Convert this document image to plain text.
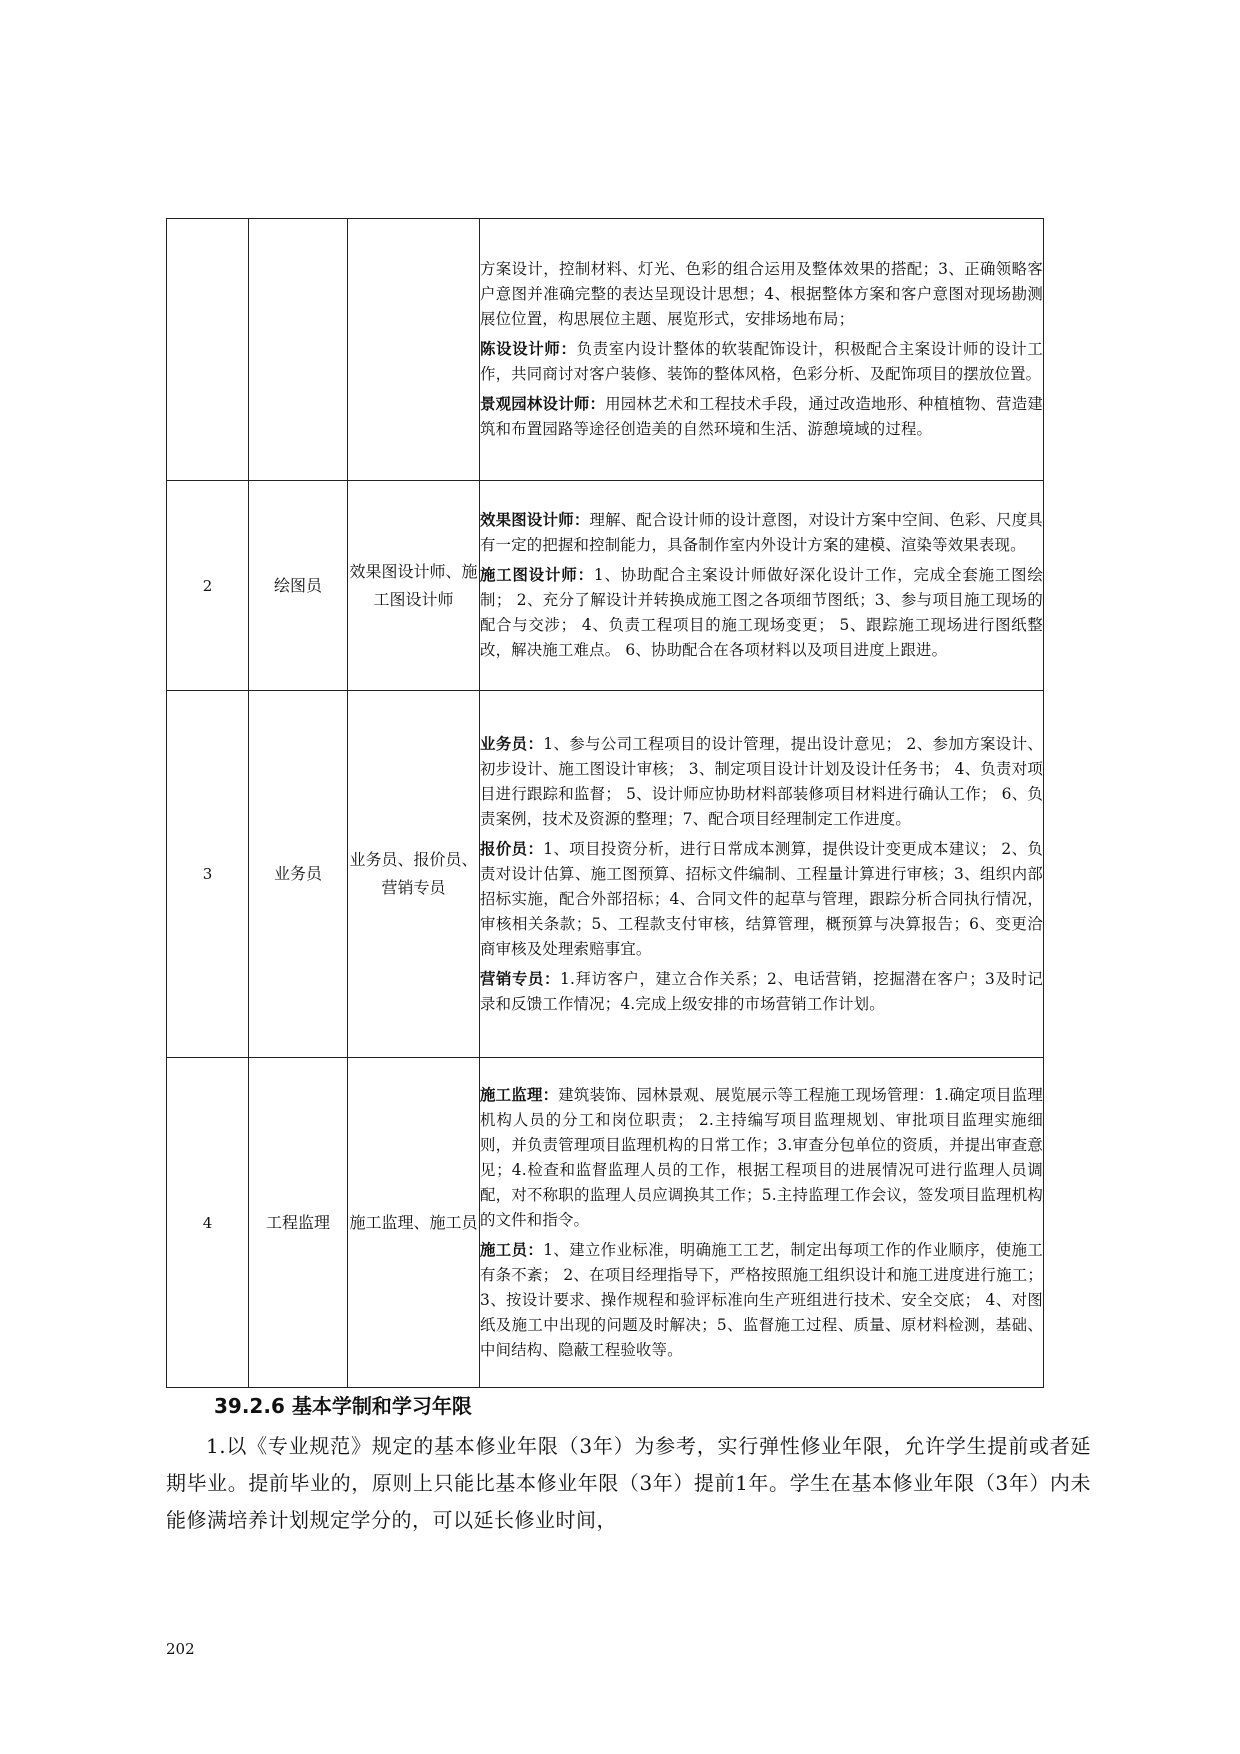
			方案设计，控制材料、灯光、色彩的组合运用及整体效果的搭配；3、正确领略客户意图并准确完整的表达呈现设计思想；4、根据整体方案和客户意图对现场勘测展位位置，构思展位主题、展览形式，安排场地布局；
陈设设计师：负责室内设计整体的软装配饰设计，积极配合主案设计师的设计工作，共同商讨对客户装修、装饰的整体风格，色彩分析、及配饰项目的摆放位置。
景观园林设计师：用园林艺术和工程技术手段，通过改造地形、种植植物、营造建筑和布置园路等途径创造美的自然环境和生活、游憩境域的过程。

2	绘图员	效果图设计师、施工图设计师	效果图设计师：理解、配合设计师的设计意图，对设计方案中空间、色彩、尺度具有一定的把握和控制能力，具备制作室内外设计方案的建模、渲染等效果表现。
施工图设计师：1、协助配合主案设计师做好深化设计工作，完成全套施工图绘制； 2、充分了解设计并转换成施工图之各项细节图纸；3、参与项目施工现场的配合与交涉； 4、负责工程项目的施工现场变更； 5、跟踪施工现场进行图纸整改，解决施工难点。 6、协助配合在各项材料以及项目进度上跟进。

3	业务员	业务员、报价员、营销专员	业务员：1、参与公司工程项目的设计管理，提出设计意见； 2、参加方案设计、初步设计、施工图设计审核； 3、制定项目设计计划及设计任务书； 4、负责对项目进行跟踪和监督； 5、设计师应协助材料部装修项目材料进行确认工作； 6、负责案例，技术及资源的整理；7、配合项目经理制定工作进度。
报价员：1、项目投资分析，进行日常成本测算，提供设计变更成本建议； 2、负责对设计估算、施工图预算、招标文件编制、工程量计算进行审核；3、组织内部招标实施，配合外部招标；4、合同文件的起草与管理，跟踪分析合同执行情况，审核相关条款；5、工程款支付审核，结算管理，概预算与决算报告；6、变更洽商审核及处理索赔事宜。
营销专员：1.拜访客户，建立合作关系；2、电话营销，挖掘潜在客户；3及时记录和反馈工作情况；4.完成上级安排的市场营销工作计划。

4	工程监理	施工监理、施工员	施工监理：建筑装饰、园林景观、展览展示等工程施工现场管理：1.确定项目监理机构人员的分工和岗位职责； 2.主持编写项目监理规划、审批项目监理实施细则，并负责管理项目监理机构的日常工作；3.审查分包单位的资质，并提出审查意见；4.检查和监督监理人员的工作，根据工程项目的进展情况可进行监理人员调配，对不称职的监理人员应调换其工作；5.主持监理工作会议，签发项目监理机构的文件和指令。
施工员：1、建立作业标准，明确施工工艺，制定出每项工作的作业顺序，使施工有条不紊； 2、在项目经理指导下，严格按照施工组织设计和施工进度进行施工；3、按设计要求、操作规程和验评标准向生产班组进行技术、安全交底； 4、对图纸及施工中出现的问题及时解决；5、监督施工过程、质量、原材料检测，基础、中间结构、隐蔽工程验收等。
39.2.6 基本学制和学习年限
1.以《专业规范》规定的基本修业年限（3年）为参考，实行弹性修业年限，允许学生提前或者延期毕业。提前毕业的，原则上只能比基本修业年限（3年）提前1年。学生在基本修业年限（3年）内未能修满培养计划规定学分的，可以延长修业时间，
202
